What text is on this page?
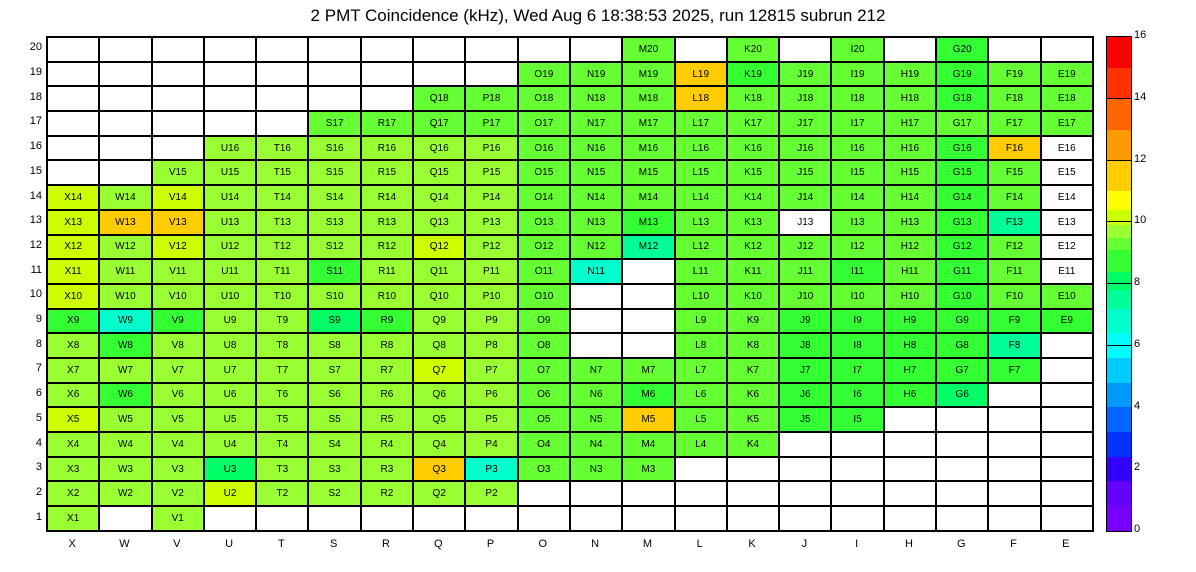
2 PMT Coincidence (kHz), Wed Aug 6 18:38:53 2025, run 12815 subrun 212
M20	K20	I20	G20
O19	N19	M19	L19	K19	J19	I19	H19	G19	F19	E19
Q18	P18	O18	N18	M18	L18	K18	J18	I18	H18	G18	F18	E18
S17	R17	Q17	P17	O17	N17	M17	L17	K17	J17	I17	H17	G17	F17	E17
U16	T16	S16	R16	Q16	P16	O16	N16	M16	L16	K16	J16	I16	H16	G16	F16	E16
V15	U15	T15	S15	R15	Q15	P15	O15	N15	M15	L15	K15	J15	I15	H15	G15	F15	E15
X14	W14	V14	U14	T14	S14	R14	Q14	P14	O14	N14	M14	L14	K14	J14	I14	H14	G14	F14	E14
X13	W13	V13	U13	T13	S13	R13	Q13	P13	O13	N13	M13	L13	K13	J13	I13	H13	G13	F13	E13
X12	W12	V12	U12	T12	S12	R12	Q12	P12	O12	N12	M12	L12	K12	J12	I12	H12	G12	F12	E12
X11	W11	V11	U11	T11	S11	R11	Q11	P11	O11	N11	L11	K11	J11	I11	H11	G11	F11	E11
X10	W10	V10	U10	T10	S10	R10	Q10	P10	O10	L10	K10	J10	I10	H10	G10	F10	E10
X9	W9	V9	U9	T9	S9	R9	Q9	P9	O9	L9	K9	J9	I9	H9	G9	F9	E9
X8	W8	V8	U8	T8	S8	R8	Q8	P8	O8	L8	K8	J8	I8	H8	G8	F8
X7	W7	V7	U7	T7	S7	R7	Q7	P7	O7	N7	M7	L7	K7	J7	I7	H7	G7	F7
X6	W6	V6	U6	T6	S6	R6	Q6	P6	O6	N6	M6	L6	K6	J6	I6	H6	G6
X5	W5	V5	U5	T5	S5	R5	Q5	P5	O5	N5	M5	L5	K5	J5	I5
X4	W4	V4	U4	T4	S4	R4	Q4	P4	O4	N4	M4	L4	K4
X3	W3	V3	U3	T3	S3	R3	Q3	P3	O3	N3	M3
X2	W2	V2	U2	T2	S2	R2	Q2	P2
X1	V1
20
19
18
17
16
15
14
13
12
11
10
9
8
7
6
5
4
3
2
1
X	W	V	U	T	S	R	Q	P	O	N	M	L	K	J	I	H	G	F	E
0
2
4
6
8
10
12
14
16
